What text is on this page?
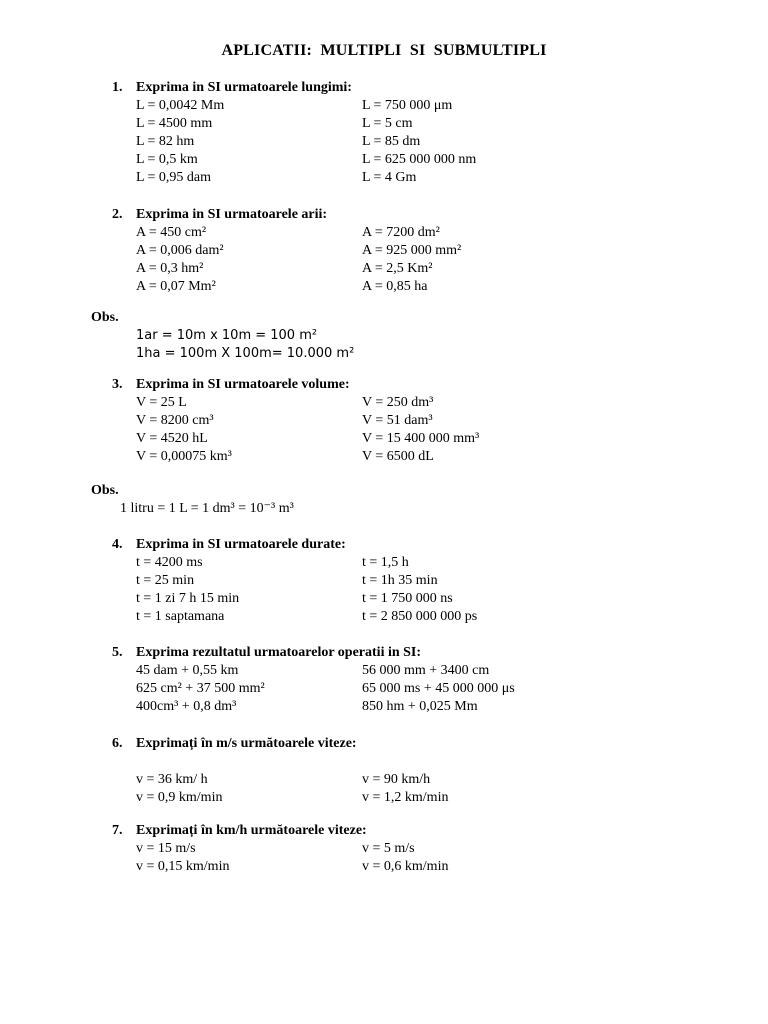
APLICATII:  MULTIPLI  SI  SUBMULTIPLI
1. Exprima in SI urmatoarele lungimi:
L = 0,0042 Mm	L = 750 000 μm
L = 4500 mm	L = 5 cm
L = 82 hm	L = 85 dm
L = 0,5 km	L = 625 000 000 nm
L = 0,95 dam	L = 4 Gm
2. Exprima in SI urmatoarele arii:
A = 450 cm²	A = 7200 dm²
A = 0,006 dam²	A = 925 000 mm²
A = 0,3 hm²	A = 2,5 Km²
A = 0,07 Mm²	A = 0,85 ha
Obs.
1ar = 10m x 10m = 100 m²
1ha = 100m X 100m= 10.000 m²
3. Exprima in SI urmatoarele volume:
V = 25 L	V = 250 dm³
V = 8200 cm³	V = 51 dam³
V = 4520 hL	V = 15 400 000 mm³
V = 0,00075 km³	V = 6500 dL
Obs.
1 litru = 1 L = 1 dm³ = 10⁻³ m³
4. Exprima in SI urmatoarele durate:
t = 4200 ms	t = 1,5 h
t = 25 min	t = 1h 35 min
t = 1 zi 7 h 15 min	t = 1 750 000 ns
t = 1 saptamana	t = 2 850 000 000 ps
5. Exprima rezultatul urmatoarelor operatii in SI:
45 dam + 0,55 km	56 000 mm + 3400 cm
625 cm² + 37 500 mm²	65 000 ms + 45 000 000 μs
400cm³ + 0,8 dm³	850 hm + 0,025 Mm
6. Exprimați în m/s următoarele viteze:
v = 36 km/ h	v = 90 km/h
v = 0,9 km/min	v = 1,2 km/min
7. Exprimați în km/h următoarele viteze:
v = 15 m/s	v = 5 m/s
v = 0,15 km/min	v = 0,6 km/min
